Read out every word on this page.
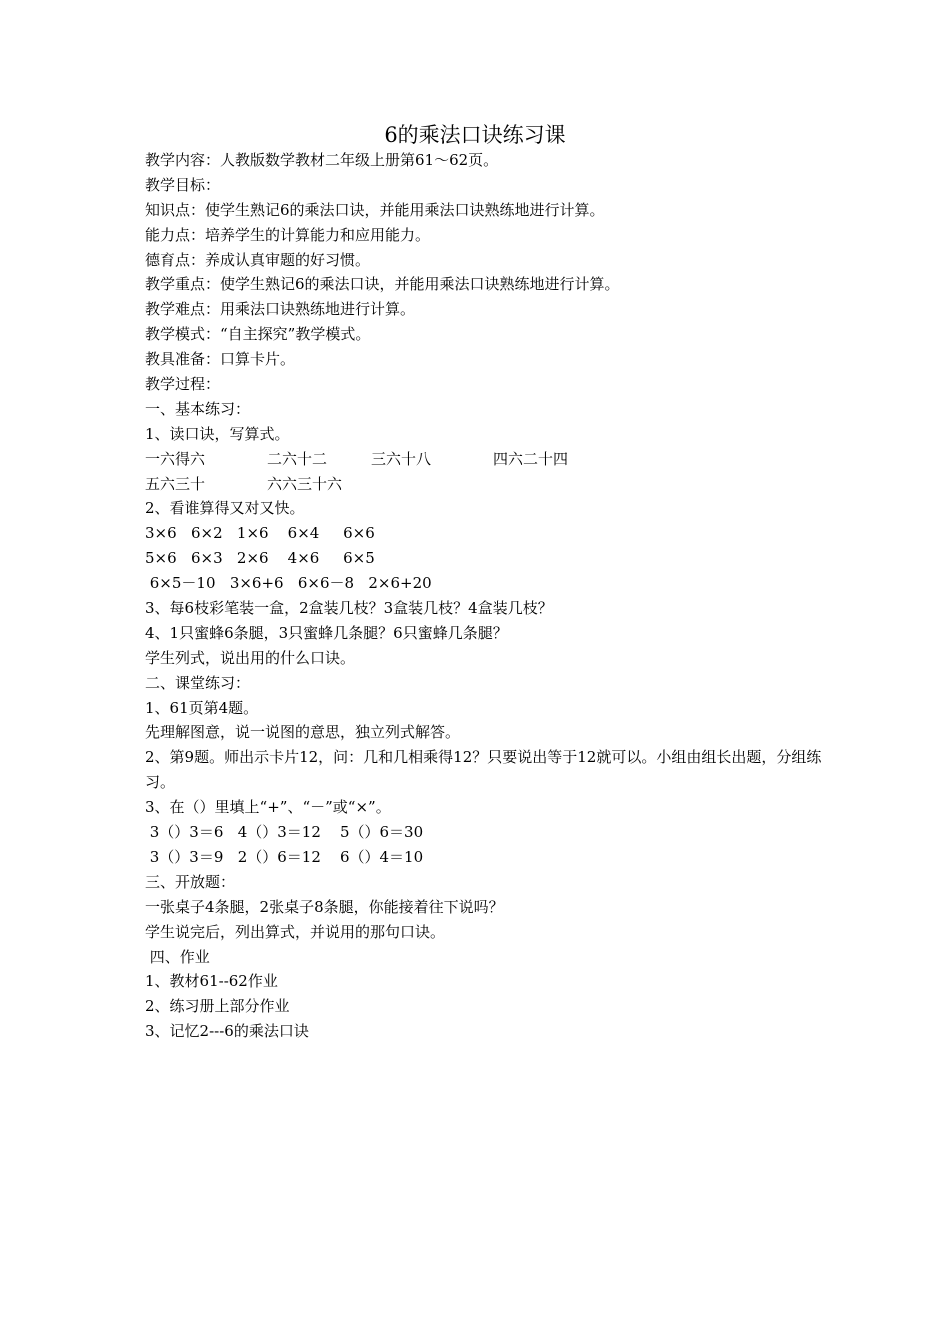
6的乘法口诀练习课
教学内容：人教版数学教材二年级上册第61～62页。
教学目标：
知识点：使学生熟记6的乘法口诀，并能用乘法口诀熟练地进行计算。
能力点：培养学生的计算能力和应用能力。
德育点：养成认真审题的好习惯。
教学重点：使学生熟记6的乘法口诀，并能用乘法口诀熟练地进行计算。
教学难点：用乘法口诀熟练地进行计算。
教学模式：“自主探究”教学模式。
教具准备：口算卡片。
教学过程：
一、基本练习：
1、读口诀，写算式。
一六得六	二六十二	三六十八	四六二十四
五六三十	六六三十六
2、看谁算得又对又快。
3×6   6×2   1×6    6×4     6×6
5×6   6×3   2×6    4×6     6×5
6×5－10   3×6+6   6×6－8   2×6+20
3、每6枝彩笔装一盒，2盒装几枝？3盒装几枝？4盒装几枝？
4、1只蜜蜂6条腿，3只蜜蜂几条腿？6只蜜蜂几条腿？
学生列式，说出用的什么口诀。
二、课堂练习：
1、61页第4题。
先理解图意，说一说图的意思，独立列式解答。
2、第9题。师出示卡片12，问：几和几相乘得12？只要说出等于12就可以。小组由组长出题，分组练习。
3、在（）里填上“+”、“－”或“×”。
3（）3＝6   4（）3＝12    5（）6＝30
3（）3＝9   2（）6＝12    6（）4＝10
三、开放题：
一张桌子4条腿，2张桌子8条腿，你能接着往下说吗？
学生说完后，列出算式，并说用的那句口诀。
四、作业
1、教材61--62作业
2、练习册上部分作业
3、记忆2---6的乘法口诀
